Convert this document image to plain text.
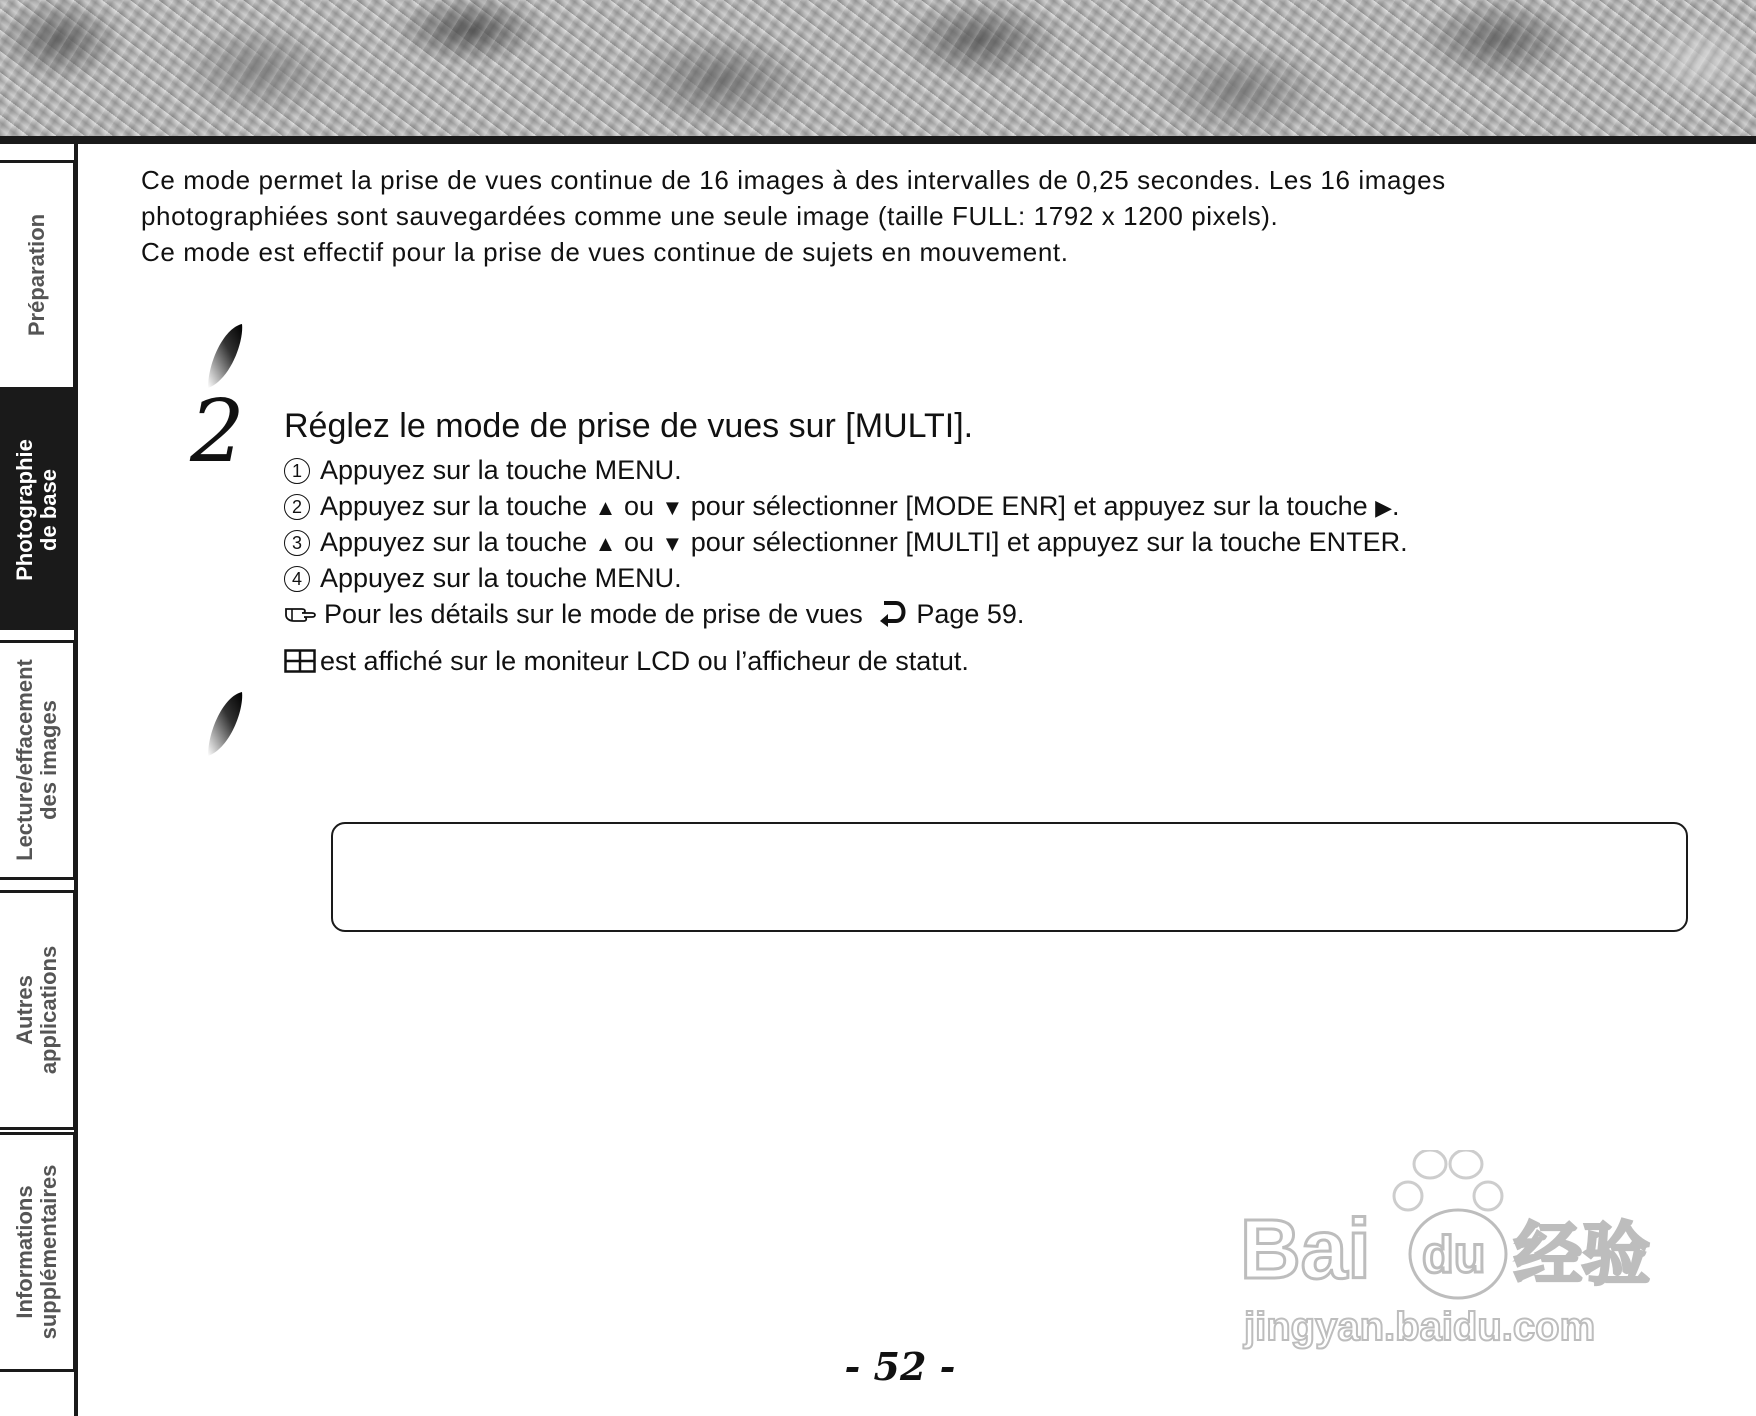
Préparation
Photographie
de base
Lecture/effacement
des images
Autres
applications
Informations
supplémentaires

Ce mode permet la prise de vues continue de 16 images à des intervalles de 0,25 secondes. Les 16 images

photographiées sont sauvegardées comme une seule image (taille FULL: 1792 x 1200 pixels).

Ce mode est effectif pour la prise de vues continue de sujets en mouvement.

2 Réglez le mode de prise de vues sur [MULTI].
1 Appuyez sur la touche MENU.
2 Appuyez sur la touche ▲ ou ▼ pour sélectionner [MODE ENR] et appuyez sur la touche ▶.
3 Appuyez sur la touche ▲ ou ▼ pour sélectionner [MULTI] et appuyez sur la touche ENTER.
4 Appuyez sur la touche MENU.
Pour les détails sur le mode de prise de vues Page 59.
est affiché sur le moniteur LCD ou l’afficheur de statut.
- 52 -
Bai du 经验
jingyan.baidu.com
